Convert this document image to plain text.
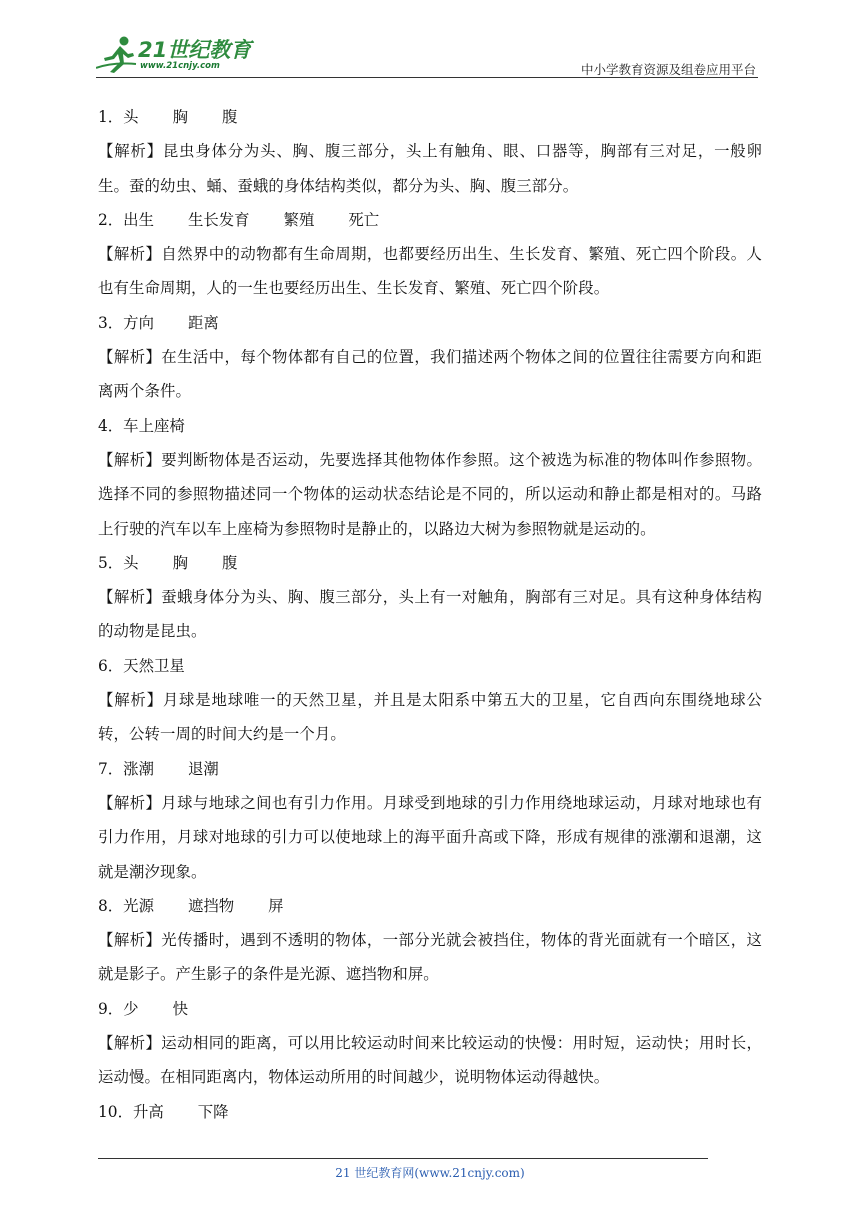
21世纪教育
www.21cnjy.com	中小学教育资源及组卷应用平台
1．头 胸 腹
【解析】昆虫身体分为头、胸、腹三部分，头上有触角、眼、口器等，胸部有三对足，一般卵生。蚕的幼虫、蛹、蚕蛾的身体结构类似，都分为头、胸、腹三部分。
2．出生 生长发育 繁殖 死亡
【解析】自然界中的动物都有生命周期，也都要经历出生、生长发育、繁殖、死亡四个阶段。人也有生命周期，人的一生也要经历出生、生长发育、繁殖、死亡四个阶段。
3．方向 距离
【解析】在生活中，每个物体都有自己的位置，我们描述两个物体之间的位置往往需要方向和距离两个条件。
4．车上座椅
【解析】要判断物体是否运动，先要选择其他物体作参照。这个被选为标准的物体叫作参照物。选择不同的参照物描述同一个物体的运动状态结论是不同的，所以运动和静止都是相对的。马路上行驶的汽车以车上座椅为参照物时是静止的，以路边大树为参照物就是运动的。
5．头 胸 腹
【解析】蚕蛾身体分为头、胸、腹三部分，头上有一对触角，胸部有三对足。具有这种身体结构的动物是昆虫。
6．天然卫星
【解析】月球是地球唯一的天然卫星，并且是太阳系中第五大的卫星，它自西向东围绕地球公转，公转一周的时间大约是一个月。
7．涨潮 退潮
【解析】月球与地球之间也有引力作用。月球受到地球的引力作用绕地球运动，月球对地球也有引力作用，月球对地球的引力可以使地球上的海平面升高或下降，形成有规律的涨潮和退潮，这就是潮汐现象。
8．光源 遮挡物 屏
【解析】光传播时，遇到不透明的物体，一部分光就会被挡住，物体的背光面就有一个暗区，这就是影子。产生影子的条件是光源、遮挡物和屏。
9．少 快
【解析】运动相同的距离，可以用比较运动时间来比较运动的快慢：用时短，运动快；用时长，运动慢。在相同距离内，物体运动所用的时间越少，说明物体运动得越快。
10．升高 下降
21 世纪教育网(www.21cnjy.com)
